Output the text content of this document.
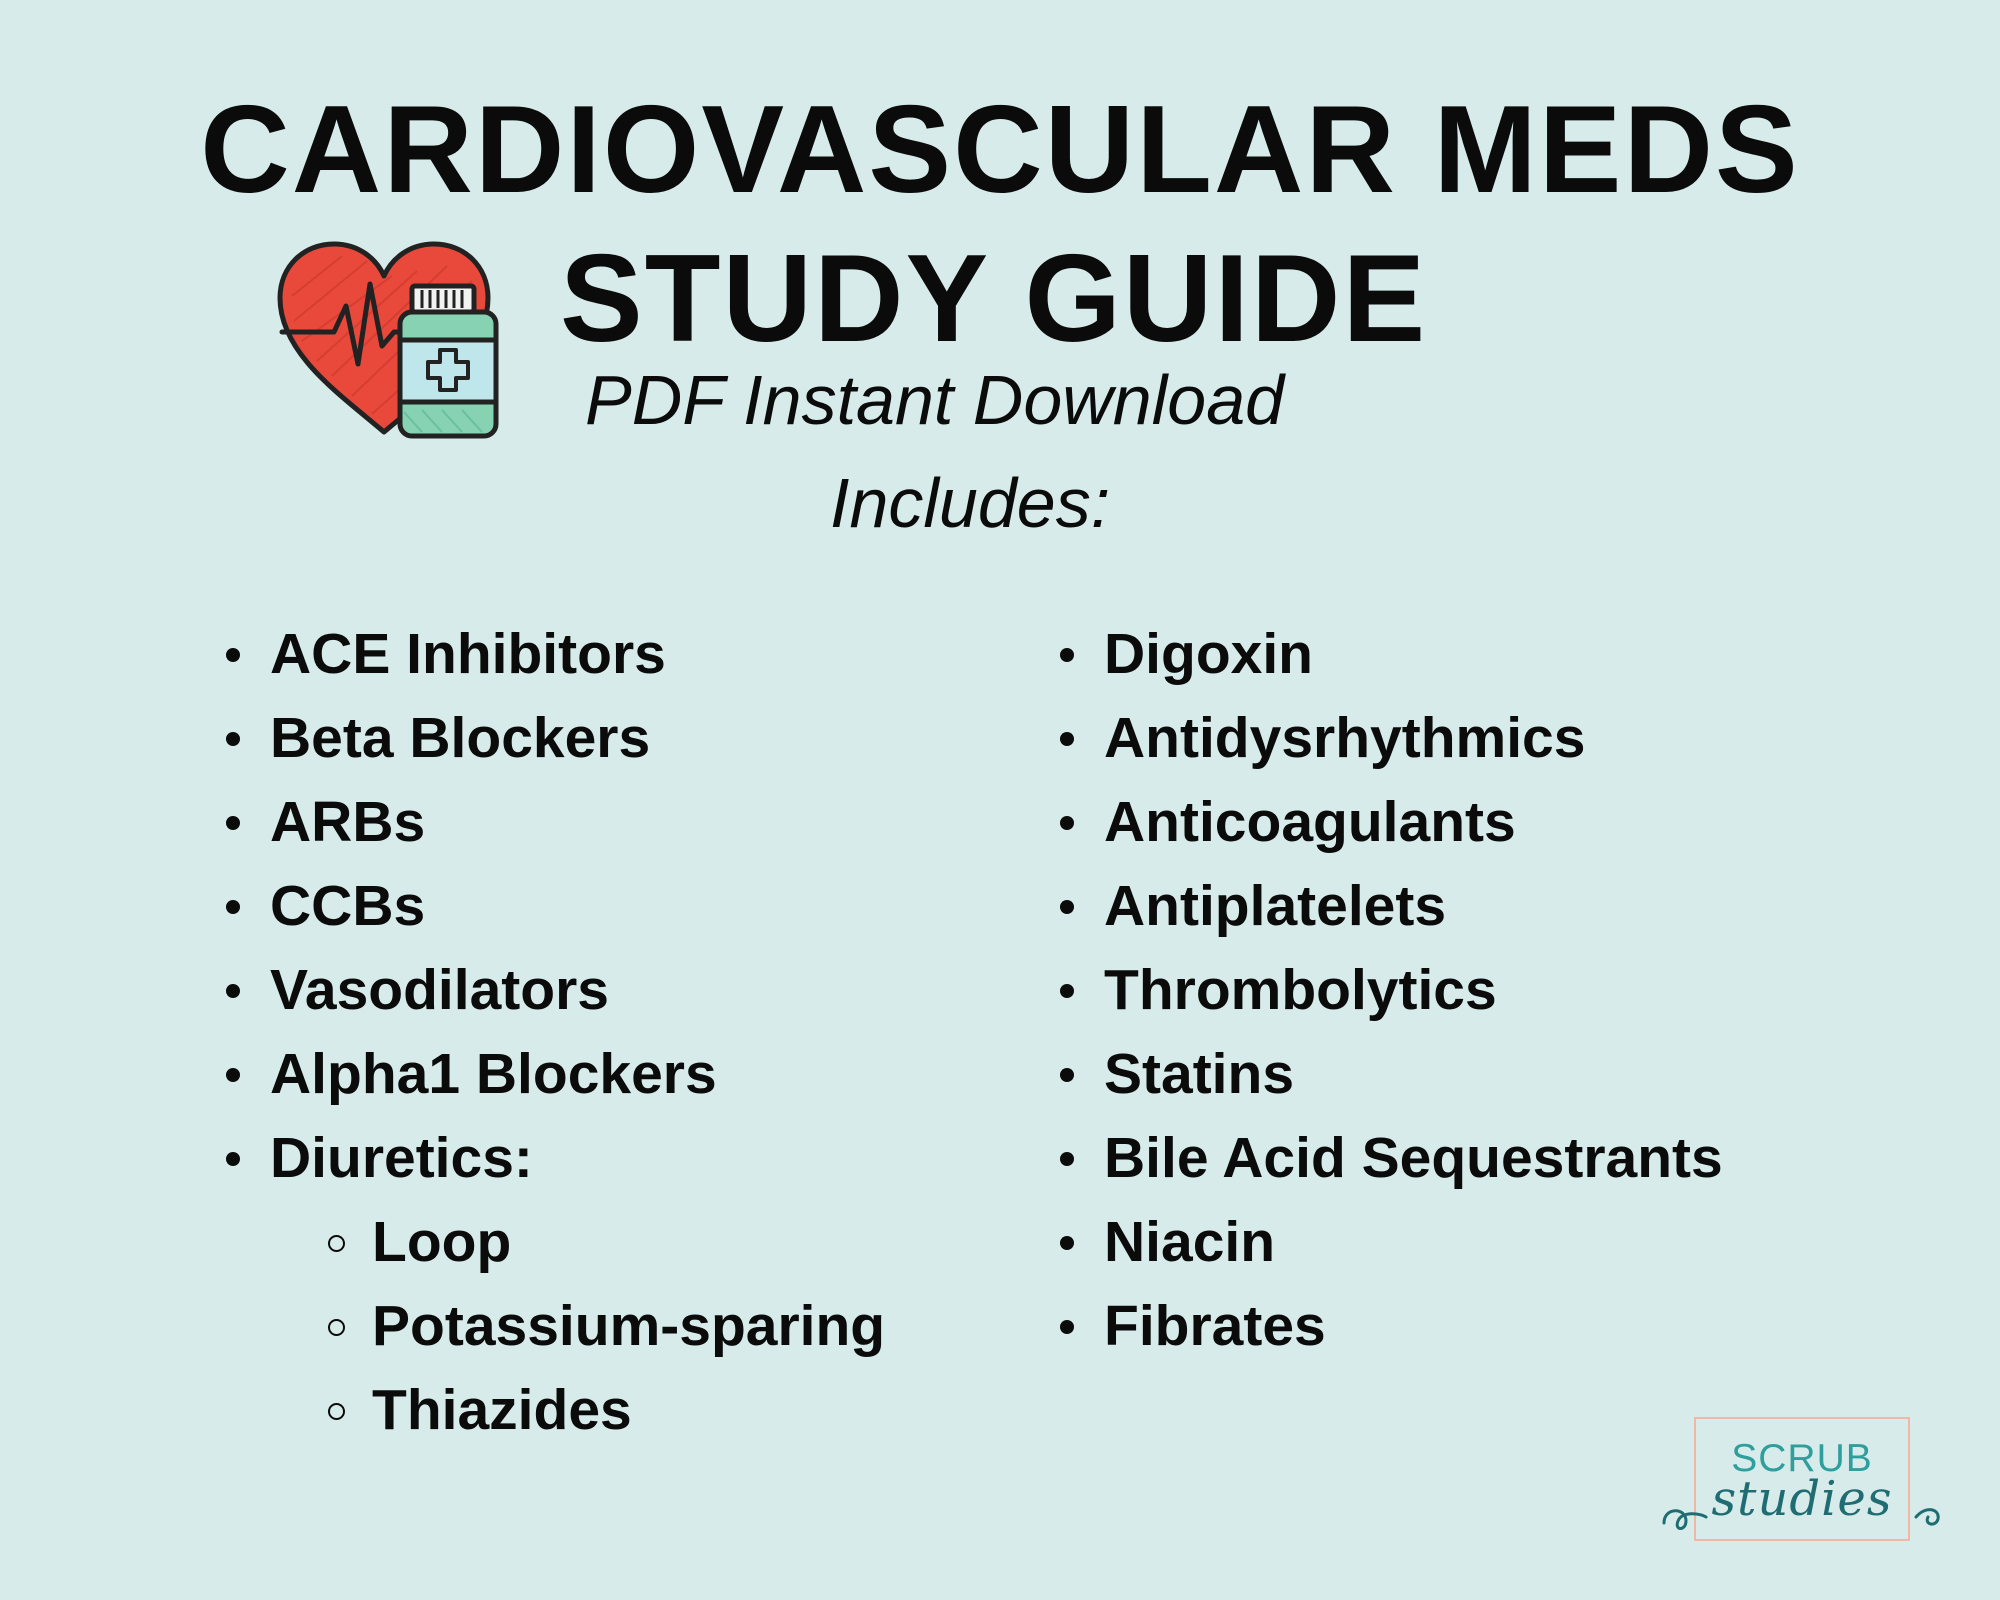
CARDIOVASCULAR MEDS
STUDY GUIDE

PDF Instant Download

Includes:

ACE Inhibitors
Beta Blockers
ARBs
CCBs
Vasodilators
Alpha1 Blockers
Diuretics:
Loop
Potassium-sparing
Thiazides
Digoxin
Antidysrhythmics
Anticoagulants
Antiplatelets
Thrombolytics
Statins
Bile Acid Sequestrants
Niacin
Fibrates
SCRUB
studies
